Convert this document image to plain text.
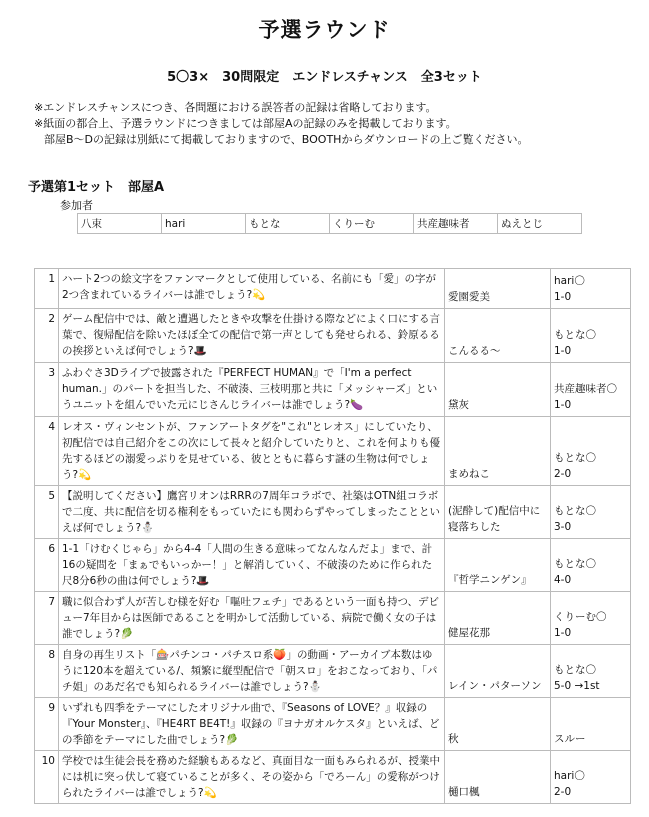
予選ラウンド
5〇3×　30問限定　エンドレスチャンス　全3セット
※エンドレスチャンスにつき、各問題における誤答者の記録は省略しております。
※紙面の都合上、予選ラウンドにつきましては部屋Aの記録のみを掲載しております。
部屋B～Dの記録は別紙にて掲載しておりますので、BOOTHからダウンロードの上ご覧ください。
予選第1セット　部屋A
参加者
八束	hari	もとな	くりーむ	共産趣味者	ぬえとじ
1	ハート2つの絵文字をファンマークとして使用している、名前にも「愛」の字が2つ含まれているライバーは誰でしょう?💫	愛園愛美	hari〇
1-0

2	ゲーム配信中では、敵と遭遇したときや攻撃を仕掛ける際などによく口にする言葉で、復帰配信を除いたほぼ全ての配信で第一声としても発せられる、鈴原るるの挨拶といえば何でしょう?🎩	こんるる～	もとな〇
1-0

3	ふわぐさ3Dライブで披露された『PERFECT HUMAN』で「I'm a perfect human.」のパートを担当した、不破湊、三枝明那と共に「メッシャーズ」というユニットを組んでいた元にじさんじライバーは誰でしょう?🍆	黛灰	共産趣味者〇
1-0

4	レオス・ヴィンセントが、ファンアートタグを"これ"とレオス」にしていたり、初配信では自己紹介をこの次にして長々と紹介していたりと、これを何よりも優先するほどの溺愛っぷりを見せている、彼とともに暮らす謎の生物は何でしょう?💫	まめねこ	もとな〇
2-0

5	【説明してください】鷹宮リオンはRRRの7周年コラボで、社築はOTN組コラボで二度、共に配信を切る権利をもっていたにも関わらずやってしまったことといえば何でしょう?⛄	(泥酔して)配信中に寝落ちした	もとな〇
3-0

6	1-1「けむくじゃら」から4-4「人間の生きる意味ってなんなんだよ」まで、計16の疑問を「まぁでもいっかー！」と解消していく、不破湊のために作られた尺8分6秒の曲は何でしょう?🎩	『哲学ニンゲン』	もとな〇
4-0

7	職に似合わず人が苦しむ様を好む「嘔吐フェチ」であるという一面も持つ、デビュー7年目からは医師であることを明かして活動している、病院で働く女の子は誰でしょう?🥬	健屋花那	くりーむ〇
1-0

8	自身の再生リスト「🎰パチンコ・パチスロ系🍑」の動画・アーカイブ本数はゆうに120本を超えている/、頻繁に縦型配信で「朝スロ」をおこなっており、「パチ姐」のあだ名でも知られるライバーは誰でしょう?⛄	レイン・パターソン	もとな〇
5-0 →1st

9	いずれも四季をテーマにしたオリジナル曲で、『Seasons of LOVE？』収録の『Your Monster』、『HE4RT BE4T!』収録の『ヨナガオルケスタ』といえば、どの季節をテーマにした曲でしょう?🥬	秋	スルー

10	学校では生徒会長を務めた経験もあるなど、真面目な一面もみられるが、授業中には机に突っ伏して寝ていることが多く、その姿から「でろーん」の愛称がつけられたライバーは誰でしょう?💫	樋口楓	hari〇
2-0
